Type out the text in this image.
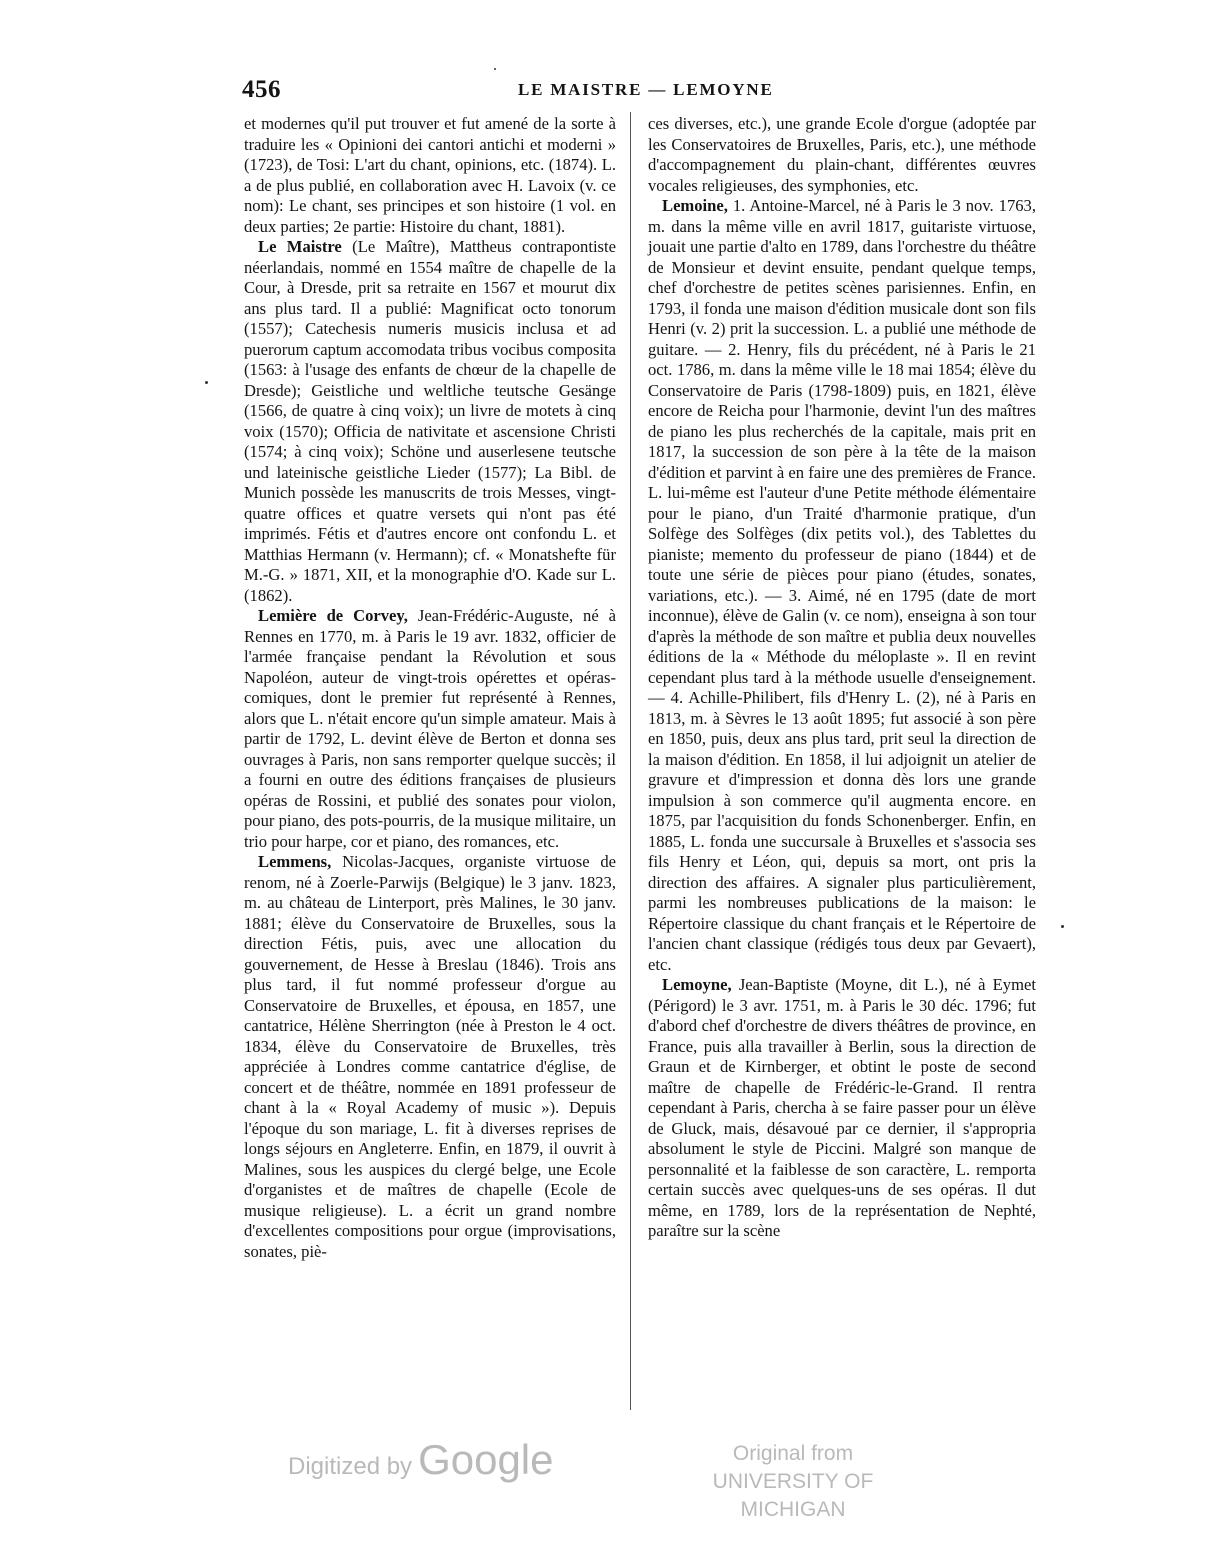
456	LE MAISTRE — LEMOYNE

et modernes qu'il put trouver et fut amené de la sorte à traduire les « Opinioni dei cantori antichi et moderni » (1723), de Tosi: L'art du chant, opinions, etc. (1874). L. a de plus publié, en collaboration avec H. Lavoix (v. ce nom): Le chant, ses principes et son histoire (1 vol. en deux parties; 2e partie: Histoire du chant, 1881).

Le Maistre (Le Maître), Mattheus contrapontiste néerlandais, nommé en 1554 maître de chapelle de la Cour, à Dresde, prit sa retraite en 1567 et mourut dix ans plus tard. Il a publié: Magnificat octo tonorum (1557); Catechesis numeris musicis inclusa et ad puerorum captum accomodata tribus vocibus composita (1563: à l'usage des enfants de chœur de la chapelle de Dresde); Geistliche und weltliche teutsche Gesänge (1566, de quatre à cinq voix); un livre de motets à cinq voix (1570); Officia de nativitate et ascensione Christi (1574; à cinq voix); Schöne und auserlesene teutsche und lateinische geistliche Lieder (1577); La Bibl. de Munich possède les manuscrits de trois Messes, vingt-quatre offices et quatre versets qui n'ont pas été imprimés. Fétis et d'autres encore ont confondu L. et Matthias Hermann (v. Hermann); cf. « Monatshefte für M.-G. » 1871, XII, et la monographie d'O. Kade sur L. (1862).

Lemière de Corvey, Jean-Frédéric-Auguste, né à Rennes en 1770, m. à Paris le 19 avr. 1832, officier de l'armée française pendant la Révolution et sous Napoléon, auteur de vingt-trois opérettes et opéras-comiques, dont le premier fut représenté à Rennes, alors que L. n'était encore qu'un simple amateur. Mais à partir de 1792, L. devint élève de Berton et donna ses ouvrages à Paris, non sans remporter quelque succès; il a fourni en outre des éditions françaises de plusieurs opéras de Rossini, et publié des sonates pour violon, pour piano, des pots-pourris, de la musique militaire, un trio pour harpe, cor et piano, des romances, etc.

Lemmens, Nicolas-Jacques, organiste virtuose de renom, né à Zoerle-Parwijs (Belgique) le 3 janv. 1823, m. au château de Linterport, près Malines, le 30 janv. 1881; élève du Conservatoire de Bruxelles, sous la direction Fétis, puis, avec une allocation du gouvernement, de Hesse à Breslau (1846). Trois ans plus tard, il fut nommé professeur d'orgue au Conservatoire de Bruxelles, et épousa, en 1857, une cantatrice, Hélène Sherrington (née à Preston le 4 oct. 1834, élève du Conservatoire de Bruxelles, très appréciée à Londres comme cantatrice d'église, de concert et de théâtre, nommée en 1891 professeur de chant à la « Royal Academy of music »). Depuis l'époque du son mariage, L. fit à diverses reprises de longs séjours en Angleterre. Enfin, en 1879, il ouvrit à Malines, sous les auspices du clergé belge, une Ecole d'organistes et de maîtres de chapelle (Ecole de musique religieuse). L. a écrit un grand nombre d'excellentes compositions pour orgue (improvisations, sonates, piè-

ces diverses, etc.), une grande Ecole d'orgue (adoptée par les Conservatoires de Bruxelles, Paris, etc.), une méthode d'accompagnement du plain-chant, différentes œuvres vocales religieuses, des symphonies, etc.

Lemoine, 1. Antoine-Marcel, né à Paris le 3 nov. 1763, m. dans la même ville en avril 1817, guitariste virtuose, jouait une partie d'alto en 1789, dans l'orchestre du théâtre de Monsieur et devint ensuite, pendant quelque temps, chef d'orchestre de petites scènes parisiennes. Enfin, en 1793, il fonda une maison d'édition musicale dont son fils Henri (v. 2) prit la succession. L. a publié une méthode de guitare. — 2. Henry, fils du précédent, né à Paris le 21 oct. 1786, m. dans la même ville le 18 mai 1854; élève du Conservatoire de Paris (1798-1809) puis, en 1821, élève encore de Reicha pour l'harmonie, devint l'un des maîtres de piano les plus recherchés de la capitale, mais prit en 1817, la succession de son père à la tête de la maison d'édition et parvint à en faire une des premières de France. L. lui-même est l'auteur d'une Petite méthode élémentaire pour le piano, d'un Traité d'harmonie pratique, d'un Solfège des Solfèges (dix petits vol.), des Tablettes du pianiste; memento du professeur de piano (1844) et de toute une série de pièces pour piano (études, sonates, variations, etc.). — 3. Aimé, né en 1795 (date de mort inconnue), élève de Galin (v. ce nom), enseigna à son tour d'après la méthode de son maître et publia deux nouvelles éditions de la « Méthode du méloplaste ». Il en revint cependant plus tard à la méthode usuelle d'enseignement. — 4. Achille-Philibert, fils d'Henry L. (2), né à Paris en 1813, m. à Sèvres le 13 août 1895; fut associé à son père en 1850, puis, deux ans plus tard, prit seul la direction de la maison d'édition. En 1858, il lui adjoignit un atelier de gravure et d'impression et donna dès lors une grande impulsion à son commerce qu'il augmenta encore. en 1875, par l'acquisition du fonds Schonenberger. Enfin, en 1885, L. fonda une succursale à Bruxelles et s'associa ses fils Henry et Léon, qui, depuis sa mort, ont pris la direction des affaires. A signaler plus particulièrement, parmi les nombreuses publications de la maison: le Répertoire classique du chant français et le Répertoire de l'ancien chant classique (rédigés tous deux par Gevaert), etc.

Lemoyne, Jean-Baptiste (Moyne, dit L.), né à Eymet (Périgord) le 3 avr. 1751, m. à Paris le 30 déc. 1796; fut d'abord chef d'orchestre de divers théâtres de province, en France, puis alla travailler à Berlin, sous la direction de Graun et de Kirnberger, et obtint le poste de second maître de chapelle de Frédéric-le-Grand. Il rentra cependant à Paris, chercha à se faire passer pour un élève de Gluck, mais, désavoué par ce dernier, il s'appropria absolument le style de Piccini. Malgré son manque de personnalité et la faiblesse de son caractère, L. remporta certain succès avec quelques-uns de ses opéras. Il dut même, en 1789, lors de la représentation de Nephté, paraître sur la scène

Digitized by Google	Original from
UNIVERSITY OF MICHIGAN
